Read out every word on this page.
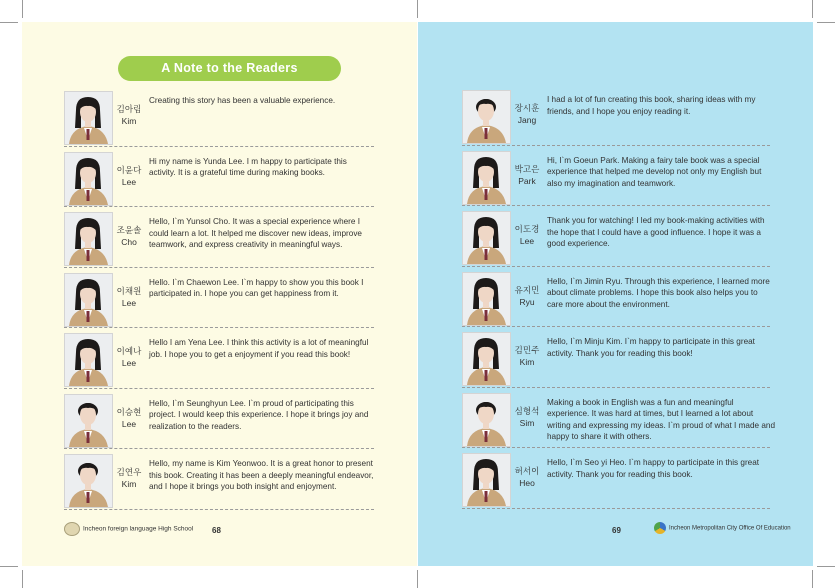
A Note to the Readers
김아림
Kim
Creating this story has been a valuable experience.
이윤다
Lee
Hi my name is Yunda Lee. I m happy to participate this activity. It is a grateful time during making books.
조윤솔
Cho
Hello, I`m Yunsol Cho. It was a special experience where I could learn a lot. It helped me discover new ideas, improve teamwork, and express creativity in meaningful ways.
이채원
Lee
Hello. I`m Chaewon Lee. I`m happy to show you this book I participated in. I hope you can get happiness from it.
이예나
Lee
Hello I am Yena Lee. I think this activity is a lot of meaningful job. I hope you to get a enjoyment if you read this book!
이승현
Lee
Hello, I`m Seunghyun Lee. I`m proud of participating this project. I would keep this experience. I hope it brings joy and realization to the readers.
김연우
Kim
Hello, my name is Kim Yeonwoo. It is a great honor to present this book. Creating it has been a deeply meaningful endeavor, and I hope it brings you both insight and enjoyment.
Incheon foreign language High School 68
장시훈
Jang
I had a lot of fun creating this book, sharing ideas with my friends, and I hope you enjoy reading it.
박고은
Park
Hi, I`m Goeun Park. Making a fairy tale book was a special experience that helped me develop not only my English but also my imagination and teamwork.
이도경
Lee
Thank you for watching! I led my book-making activities with the hope that I could have a good influence. I hope it was a good experience.
유지민
Ryu
Hello, I`m Jimin Ryu. Through this experience, I learned more about climate problems. I hope this book also helps you to care more about the environment.
김민주
Kim
Hello, I`m Minju Kim. I`m happy to participate in this great activity. Thank you for reading this book!
심형석
Sim
Making a book in English was a fun and meaningful experience. It was hard at times, but I learned a lot about writing and expressing my ideas. I`m proud of what I made and happy to share it with others.
허서이
Heo
Hello, I`m Seo yi Heo. I`m happy to participate in this great activity. Thank you for reading this book.
69	Incheon Metropolitan City Office Of Education
